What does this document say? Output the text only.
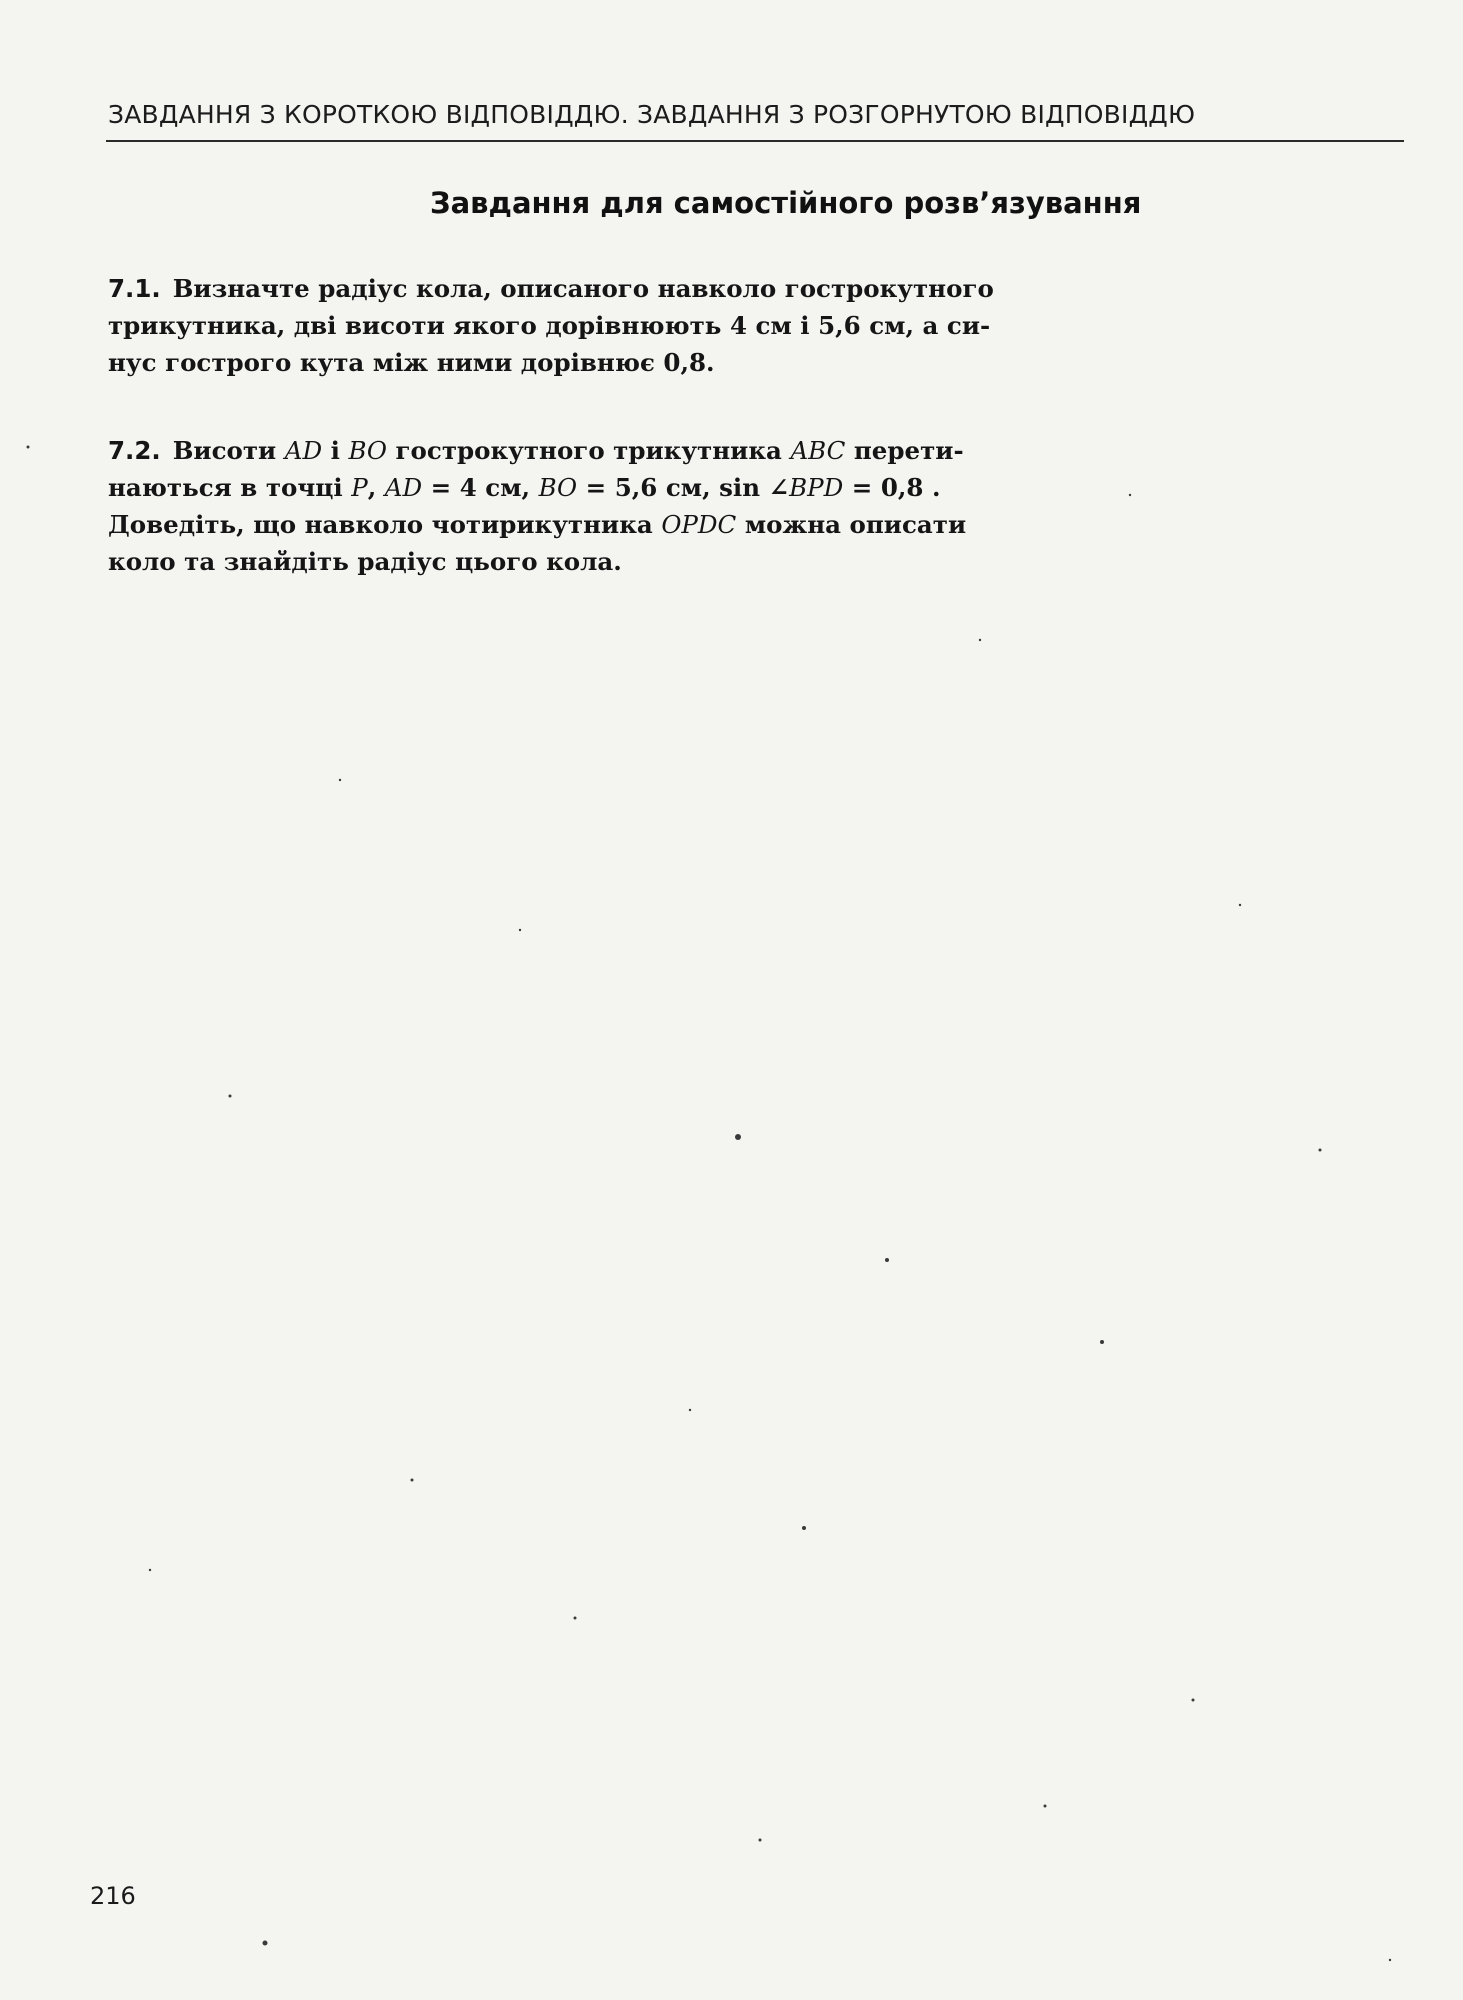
ЗАВДАННЯ З КОРОТКОЮ ВІДПОВІДДЮ. ЗАВДАННЯ З РОЗГОРНУТОЮ ВІДПОВІДДЮ
Завдання для самостійного розв’язування
7.1. Визначте радіус кола, описаного навколо гострокутного
трикутника, дві висоти якого дорівнюють 4 см і 5,6 см, а си-
нус гострого кута між ними дорівнює 0,8.
7.2. Висоти AD і BO гострокутного трикутника ABC перети-
наються в точці P, AD = 4 см, BO = 5,6 см, sin ∠BPD = 0,8 .
Доведіть, що навколо чотирикутника OPDC можна описати
коло та знайдіть радіус цього кола.
216
